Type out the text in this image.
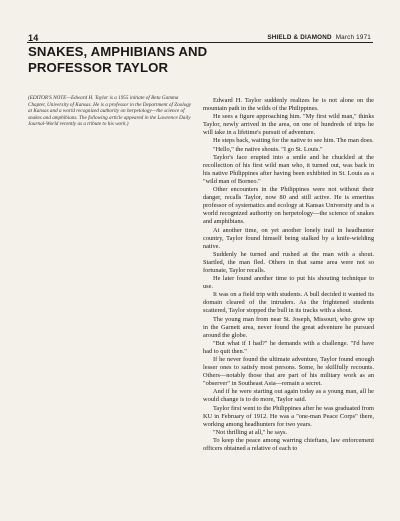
14	SHIELD & DIAMOND March 1971
SNAKES, AMPHIBIANS AND PROFESSOR TAYLOR
(EDITOR'S NOTE—Edward H. Taylor is a 1955 initiate of Beta Gamma Chapter, University of Kansas. He is a professor in the Department of Zoology at Kansas and a world recognized authority on herpetology—the science of snakes and amphibians. The following article appeared in the Lawrence Daily Journal-World recently as a tribute to his work.)

Edward H. Taylor suddenly realizes he is not alone on the mountain path in the wilds of the Philippines.

He sees a figure approaching him. "My first wild man," thinks Taylor, newly arrived in the area, on one of hundreds of trips he will take in a lifetime's pursuit of adventure.

He steps back, waiting for the native to see him. The man does.

"Hello," the native shouts. "I go St. Louis."

Taylor's face erupted into a smile and he chuckled at the recollection of his first wild man who, it turned out, was back in his native Philippines after having been exhibited in St. Louis as a "wild man of Borneo."

Other encounters in the Philippines were not without their danger, recalls Taylor, now 80 and still active. He is emeritus professor of systematics and ecology at Kansas University and is a world recognized authority on herpetology—the science of snakes and amphibians.

At another time, on yet another lonely trail in headhunter country, Taylor found himself being stalked by a knife-wielding native.

Suddenly he turned and rushed at the man with a shout. Startled, the man fled. Others in that same area were not so fortunate, Taylor recalls.

He later found another time to put his shouting technique to use.

It was on a field trip with students. A bull decided it wanted its domain cleared of the intruders. As the frightened students scattered, Taylor stopped the bull in its tracks with a shout.

The young man from near St. Joseph, Missouri, who grew up in the Garnett area, never found the great adventure he pursued around the globe.

"But what if I had?" he demands with a challenge. "I'd have had to quit then."

If he never found the ultimate adventure, Taylor found enough lesser ones to satisfy most persons. Some, he skillfully recounts. Others—notably those that are part of his military work as an "observer" in Southeast Asia—remain a secret.

And if he were starting out again today as a young man, all he would change is to do more, Taylor said.

Taylor first went to the Philippines after he was graduated from KU in February of 1912. He was a "one-man Peace Corps" there, working among headhunters for two years.

"Not thrilling at all," he says.

To keep the peace among warring chieftans, law enforcement officers obtained a relative of each to
